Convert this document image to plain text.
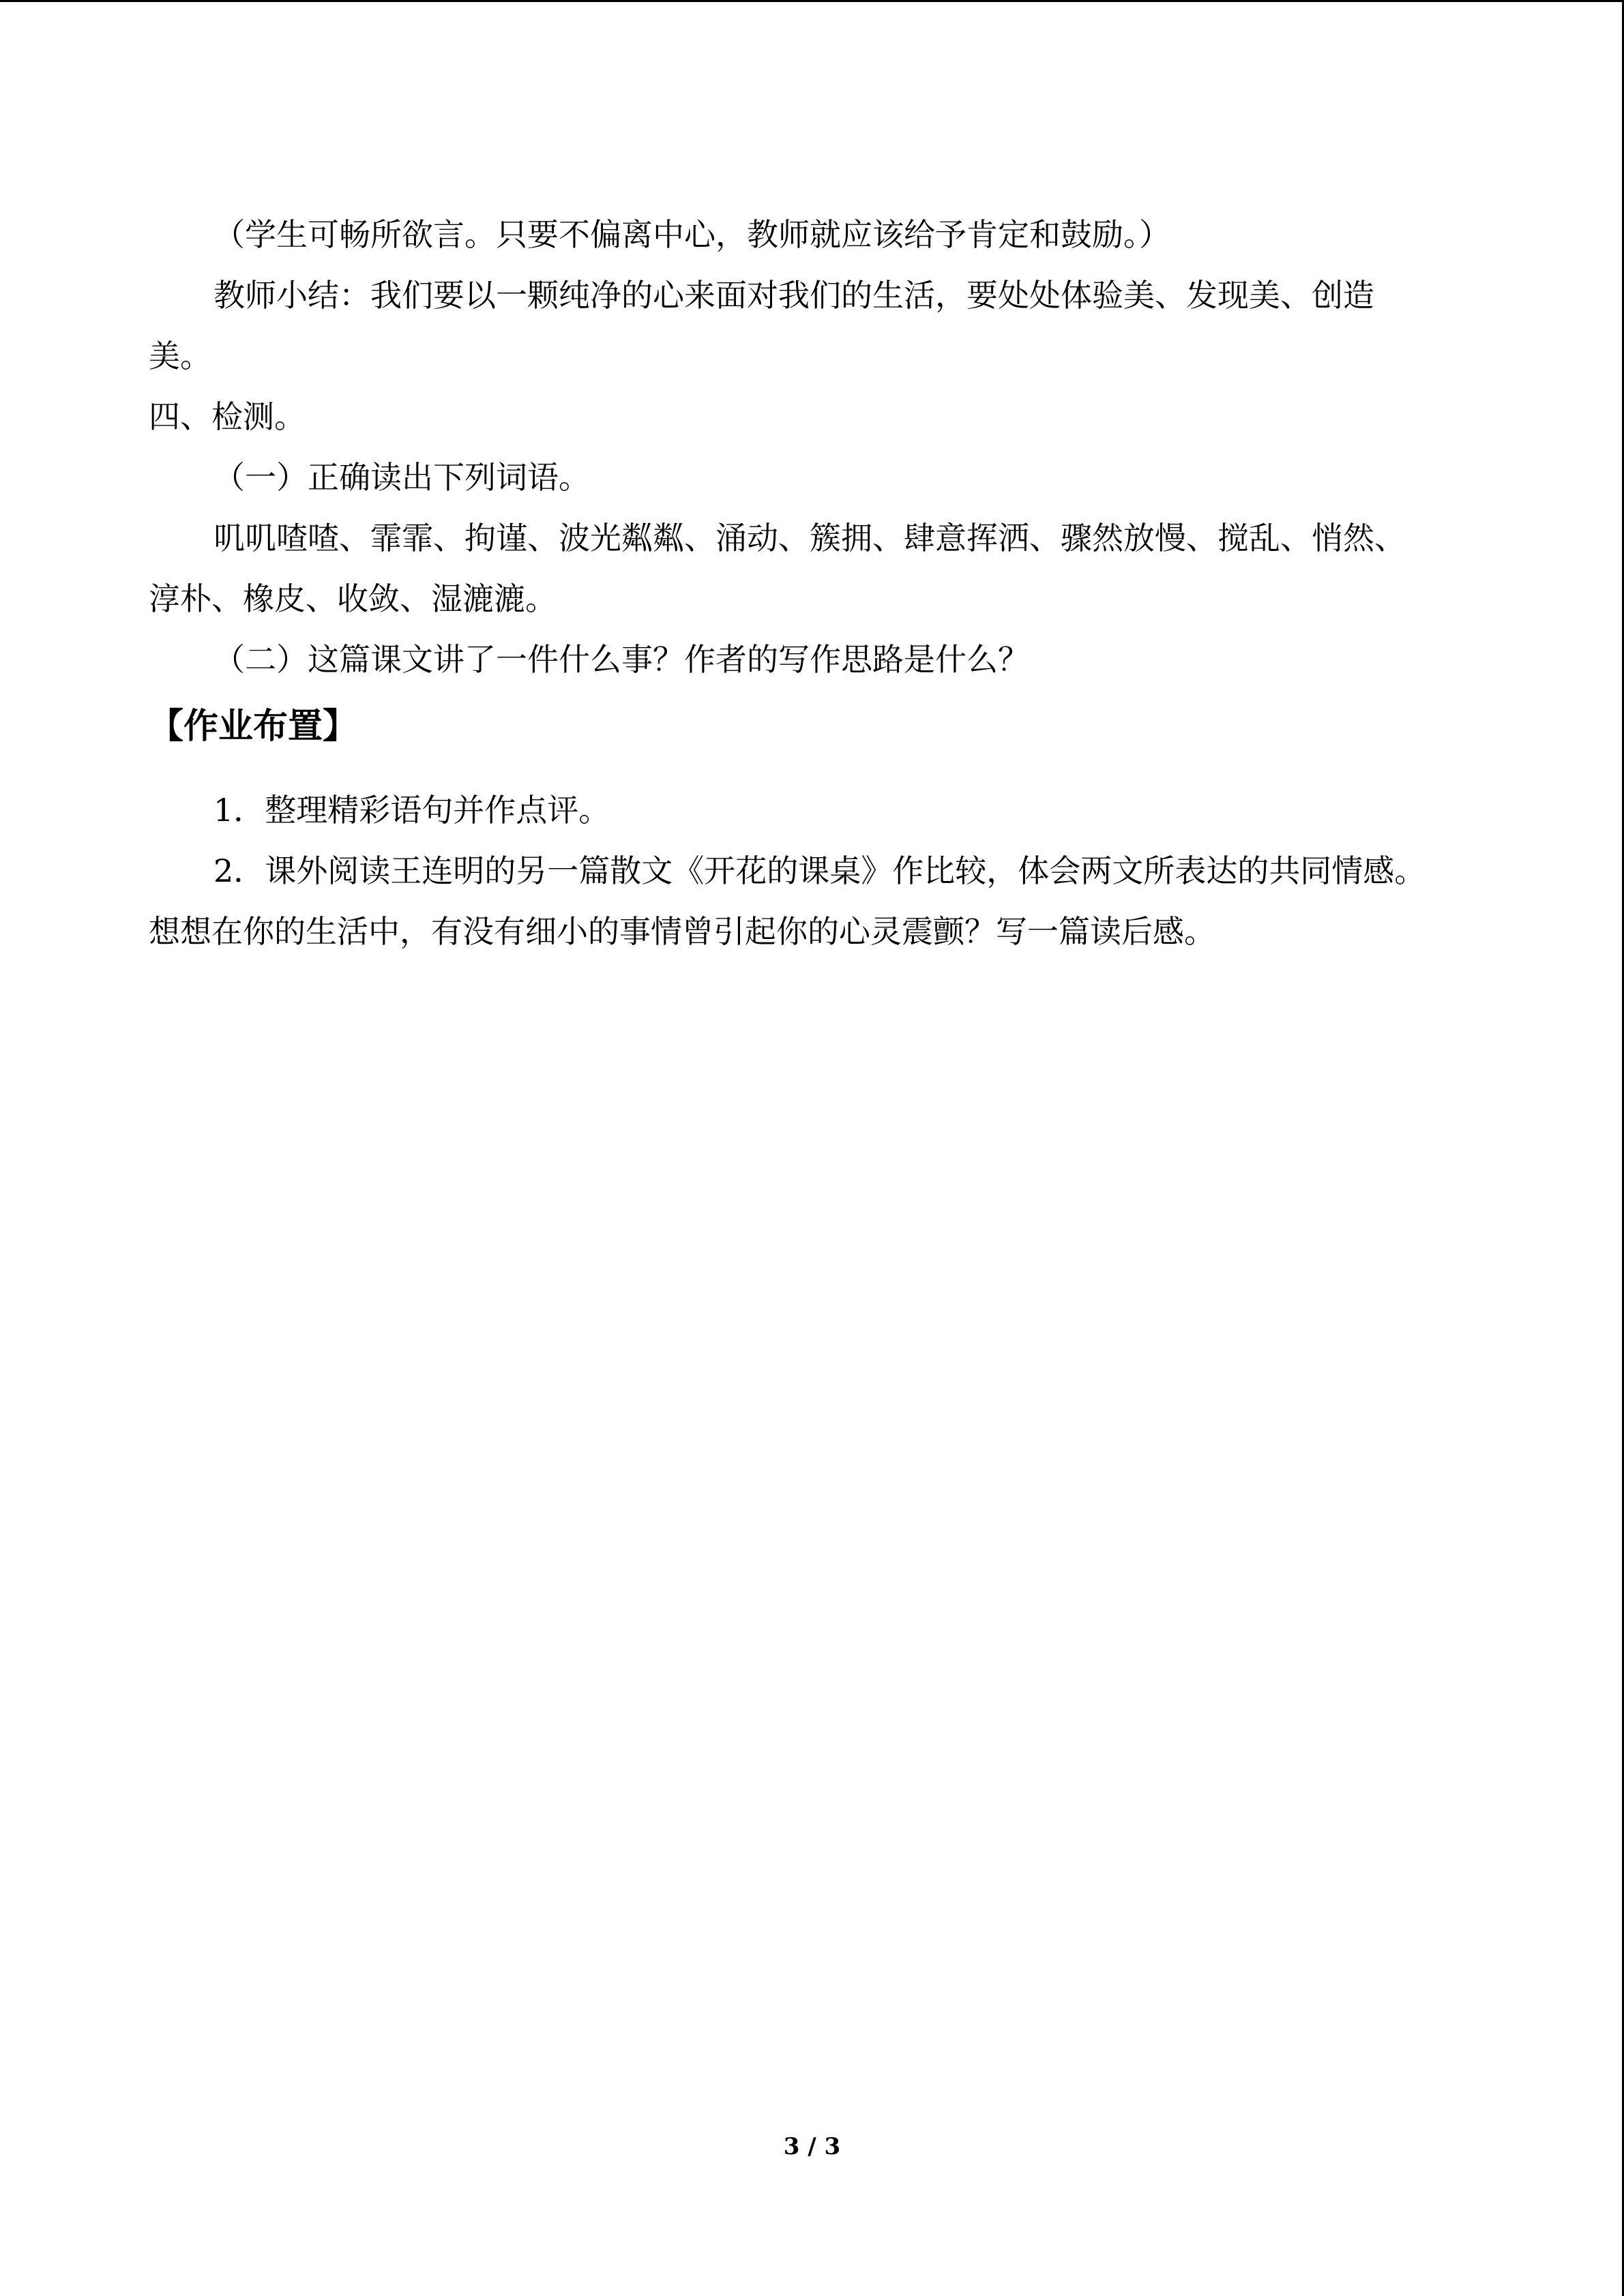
（学生可畅所欲言。只要不偏离中心，教师就应该给予肯定和鼓励。）
教师小结：我们要以一颗纯净的心来面对我们的生活，要处处体验美、发现美、创造
美。
四、检测。
（一）正确读出下列词语。
叽叽喳喳、霏霏、拘谨、波光粼粼、涌动、簇拥、肆意挥洒、骤然放慢、搅乱、悄然、
淳朴、橡皮、收敛、湿漉漉。
（二）这篇课文讲了一件什么事？作者的写作思路是什么？
【作业布置】
1．整理精彩语句并作点评。
2．课外阅读王连明的另一篇散文《开花的课桌》作比较，体会两文所表达的共同情感。
想想在你的生活中，有没有细小的事情曾引起你的心灵震颤？写一篇读后感。
3 / 3
